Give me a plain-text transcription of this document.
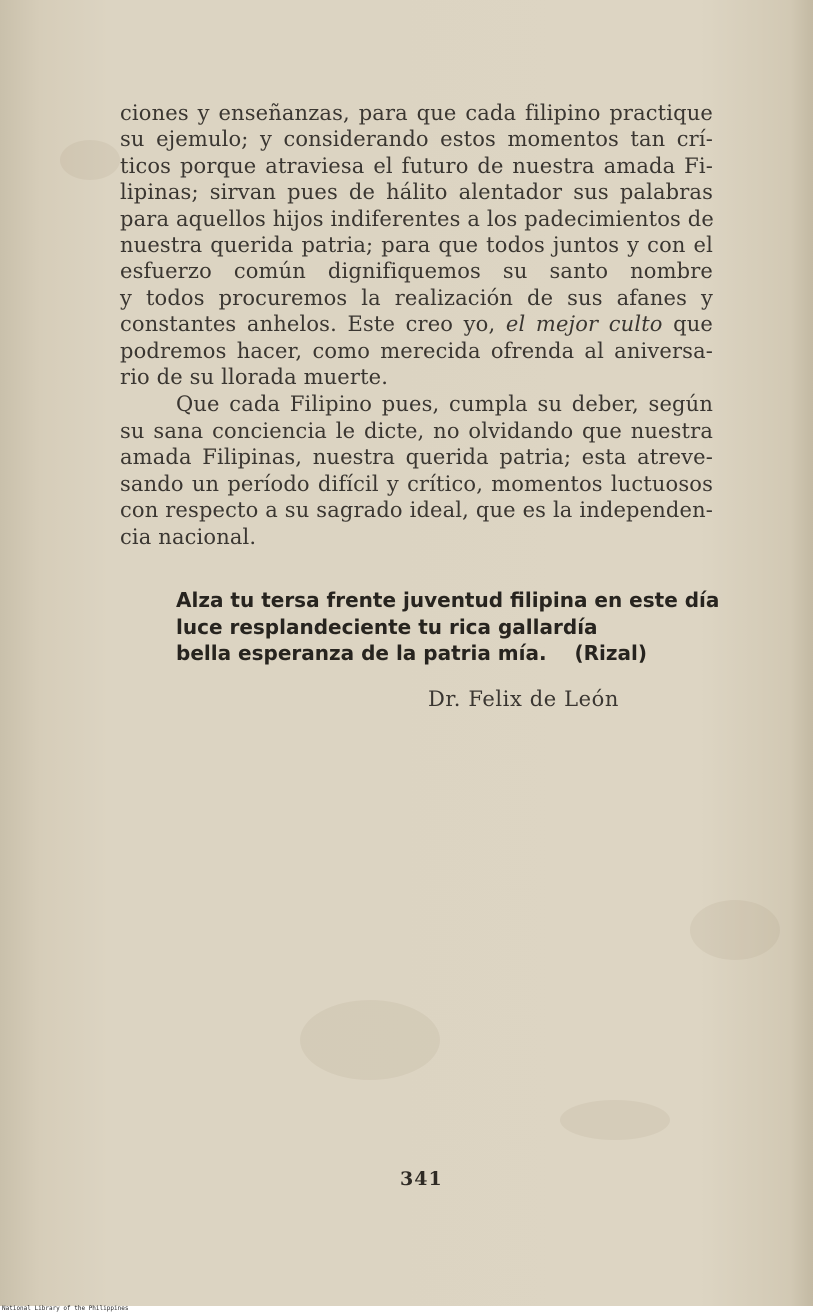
ciones y enseñanzas, para que cada filipino practique
su ejemulo; y considerando estos momentos tan crí-
ticos porque atraviesa el futuro de nuestra amada Fi-
lipinas; sirvan pues de hálito alentador sus palabras
para aquellos hijos indiferentes a los padecimientos de
nuestra querida patria; para que todos juntos y con el
esfuerzo común dignifiquemos su santo nombre
y todos procuremos la realización de sus afanes y
constantes anhelos. Este creo yo, el mejor culto que
podremos hacer, como merecida ofrenda al aniversa-
rio de su llorada muerte.
Que cada Filipino pues, cumpla su deber, según
su sana conciencia le dicte, no olvidando que nuestra
amada Filipinas, nuestra querida patria; esta atreve-
sando un período difícil y crítico, momentos luctuosos
con respecto a su sagrado ideal, que es la independen-
cia nacional.
Alza tu tersa frente juventud filipina en este día
luce resplandeciente tu rica gallardía
bella esperanza de la patria mía.    (Rizal)
Dr. Felix de León
341
National Library of the Philippines
